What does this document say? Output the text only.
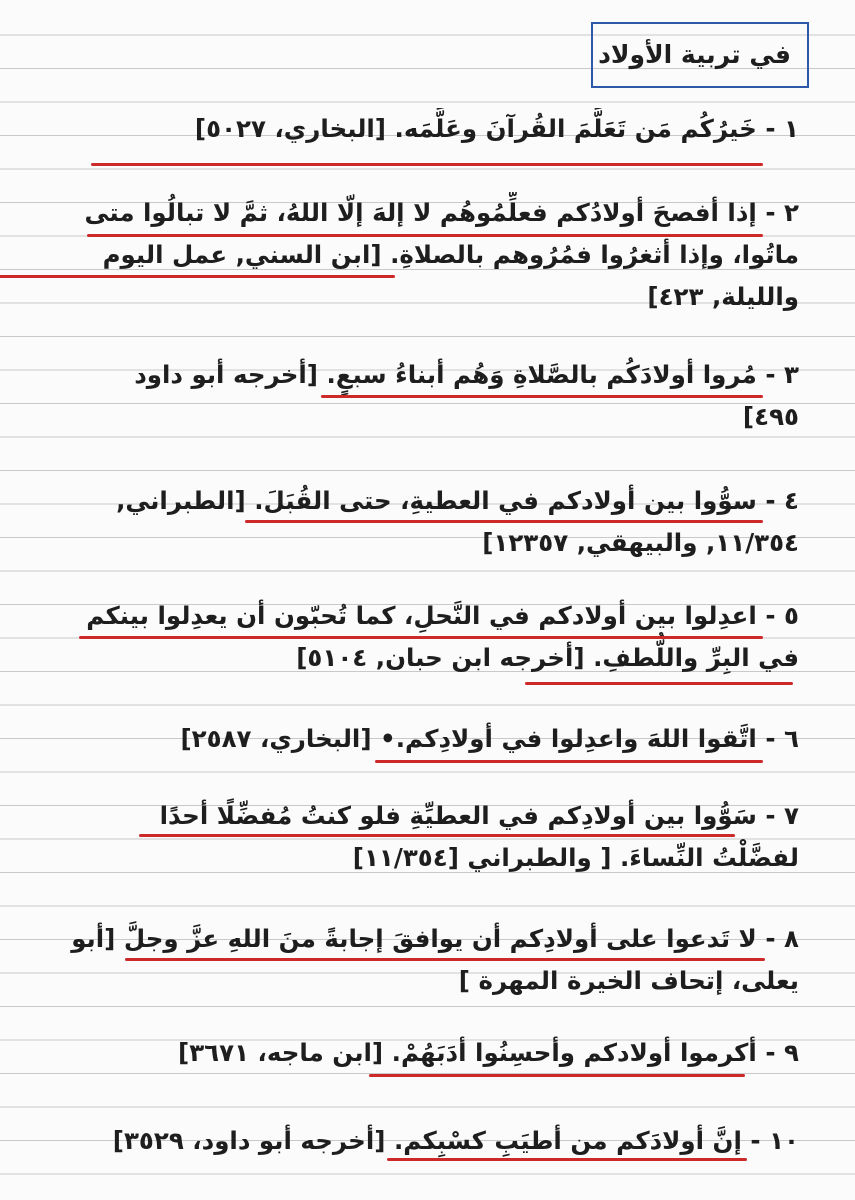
في تربية الأولاد
١ - خَيرُكُم مَن تَعَلَّمَ القُرآنَ وعَلَّمَه. [البخاري، ٥٠٢٧]
٢ - إذا أفصحَ أولادُكم فعلِّمُوهُم لا إلهَ إلّا اللهُ، ثمَّ لا تبالُوا متى
ماتُوا، وإذا أثغرُوا فمُرُوهم بالصلاةِ. [ابن السني, عمل اليوم
والليلة, ٤٢٣]
٣ - مُروا أولادَكُم بالصَّلاةِ وَهُم أبناءُ سبعٍ. [أخرجه أبو داود
٤٩٥]
٤ - سوُّوا بين أولادكم في العطيةِ، حتى القُبَلَ. [الطبراني,
١١/٣٥٤, والبيهقي, ١٢٣٥٧]
٥ - اعدِلوا بين أولادكم في النَّحلِ، كما تُحبّون أن يعدِلوا بينكم
في البِرِّ واللُّطفِ. [أخرجه ابن حبان, ٥١٠٤]
٦ - اتَّقوا اللهَ واعدِلوا في أولادِكم.• [البخاري، ٢٥٨٧]
٧ - سَوُّوا بين أولادِكم في العطيِّةِ فلو كنتُ مُفضِّلًا أحدًا
لفضَّلْتُ النِّساءَ. [ والطبراني [١١/٣٥٤]
٨ - لا تَدعوا على أولادِكم أن يوافقَ إجابةً منَ اللهِ عزَّ وجلَّ [أبو
يعلى، إتحاف الخيرة المهرة ]
٩ - أكرموا أولادكم وأحسِنُوا أدَبَهُمْ. [ابن ماجه، ٣٦٧١]
١٠ - إنَّ أولادَكم من أطيَبِ كسْبِكم. [أخرجه أبو داود، ٣٥٢٩]
